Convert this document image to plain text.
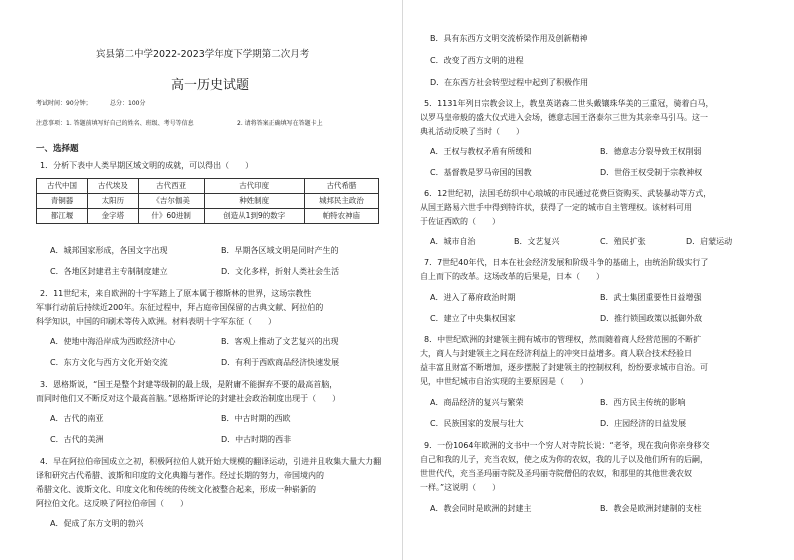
宾县第二中学2022-2023学年度下学期第二次月考
高一历史试题
考试时间：90分钟；	总分：100分
注意事项：1. 答题前填写好自己的姓名、班级、考号等信息	2. 请将答案正确填写在答题卡上
一、选择题
1．分析下表中人类早期区域文明的成就，可以得出（　　）
古代中国	古代埃及	古代西亚	古代印度	古代希腊
青铜器	太阳历	《吉尔伽美	种姓制度	城邦民主政治
都江堰	金字塔	什》60进制	创造从1到9的数字	帕特农神庙
A．城邦国家形成，各国文字出现	B．早期各区域文明是同时产生的
C．各地区封建君主专制制度建立	D．文化多样，折射人类社会生活
2．11世纪末，来自欧洲的十字军踏上了原本属于穆斯林的世界，这场宗教性
军事行动前后持续近200年。东征过程中，拜占庭帝国保留的古典文献、阿拉伯的
科学知识，中国的印刷术等传入欧洲。材料表明十字军东征（　　）
A．使地中海沿岸成为西欧经济中心	B．客观上推动了文艺复兴的出现
C．东方文化与西方文化开始交流	D．有利于西欧商品经济快速发展
3．恩格斯说，“国王是整个封建等级制的最上级，是附庸不能摒弃不要的最高首脑，
而同时他们又不断反对这个最高首脑。”恩格斯评论的封建社会政治制度出现于（　　）
A．古代的南亚	B．中古时期的西欧
C．古代的美洲	D．中古时期的西非
4．早在阿拉伯帝国成立之初，积极阿拉伯人就开始大规模的翻译运动，引进并且收集大量大力翻
译和研究古代希腊、波斯和印度的文化典籍与著作。经过长期的努力，帝国境内的
希腊文化、波斯文化、印度文化和传统的传统文化被整合起来，形成一种崭新的
阿拉伯文化。这反映了阿拉伯帝国（　　）
A．促成了东方文明的勃兴
B．具有东西方文明交流桥梁作用及创新精神
C．改变了西方文明的进程
D．在东西方社会转型过程中起到了积极作用
5．1131年列日宗教会议上，教皇英诺森二世头戴镶珠华美的三重冠，骑着白马，
以罗马皇帝般的盛大仪式进入会场，德意志国王洛泰尔三世为其亲牵马引马。这一
典礼活动反映了当时（　　）
A．王权与教权矛盾有所缓和	B．德意志分裂导致王权削弱
C．基督教是罗马帝国的国教	D．世俗王权受制于宗教神权
6．12世纪初，法国毛纺织中心琅城的市民通过花费巨资购买、武装暴动等方式，
从国王路易六世手中得到特许状，获得了一定的城市自主管理权。该材料可用
于佐证西欧的（　　）
A．城市自治	B．文艺复兴	C．殖民扩张	D．启蒙运动
7．7世纪40年代，日本在社会经济发展和阶级斗争的基础上，由统治阶级实行了
自上而下的改革。这场改革的后果是，日本（　　）
A．进入了幕府政治时期	B．武士集团重要性日益增强
C．建立了中央集权国家	D．推行锁国政策以抵御外敌
8．中世纪欧洲的封建领主拥有城市的管理权，然而随着商人经营范围的不断扩
大，商人与封建领主之间在经济利益上的冲突日益增多。商人联合技术经验日
益丰富且财富不断增加，逐步摆脱了封建领主的控制权利，纷纷要求城市自治。可
见，中世纪城市自治实现的主要原因是（　　）
A．商品经济的复兴与繁荣	B．西方民主传统的影响
C．民族国家的发展与壮大	D．庄园经济的日益发展
9．一份1064年欧洲的文书中一个穷人对寺院长说：“老爷，现在我向你亲身移交
自己和我的儿子，充当农奴，使之成为你的农奴，我的儿子以及他们所有的后嗣，
世世代代，充当圣玛丽寺院及圣玛丽寺院僧侣的农奴，和那里的其他世袭农奴
一样。”这说明（　　）
A．教会同时是欧洲的封建主	B．教会是欧洲封建制的支柱
